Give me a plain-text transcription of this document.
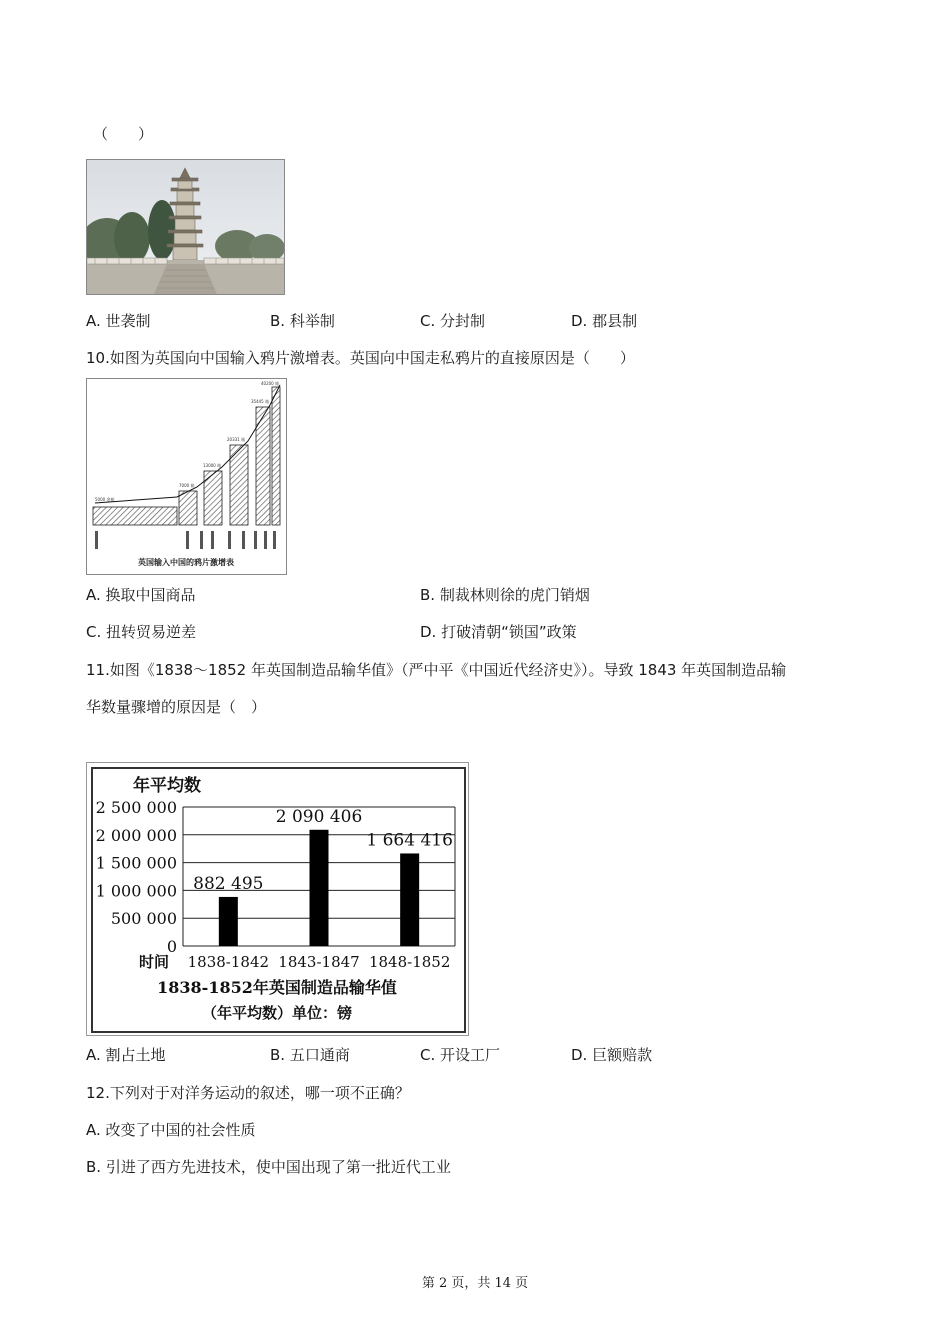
（　　）
A. 世袭制	B. 科举制	C. 分封制	D. 郡县制
10.如图为英国向中国输入鸦片激增表。英国向中国走私鸦片的直接原因是（　　）
5000 余箱
7000 箱
13000 箱
20331 箱
35445 箱
40200 箱
英国输入中国的鸦片激增表
A. 换取中国商品	B. 制裁林则徐的虎门销烟
C. 扭转贸易逆差	D. 打破清朝“锁国”政策
11.如图《1838～1852 年英国制造品输华值》（严中平《中国近代经济史》）。导致 1843 年英国制造品输
华数量骤增的原因是（　）
年平均数
0
500 000
1 000 000
1 500 000
2 000 000
2 500 000
882 495
2 090 406
1 664 416
1838-1842 1843-1847 1848-1852
时间
1838-1852年英国制造品输华值
（年平均数）单位：镑
A. 割占土地	B. 五口通商	C. 开设工厂	D. 巨额赔款
12.下列对于对洋务运动的叙述，哪一项不正确？
A. 改变了中国的社会性质
B. 引进了西方先进技术，使中国出现了第一批近代工业
第 2 页，共 14 页
